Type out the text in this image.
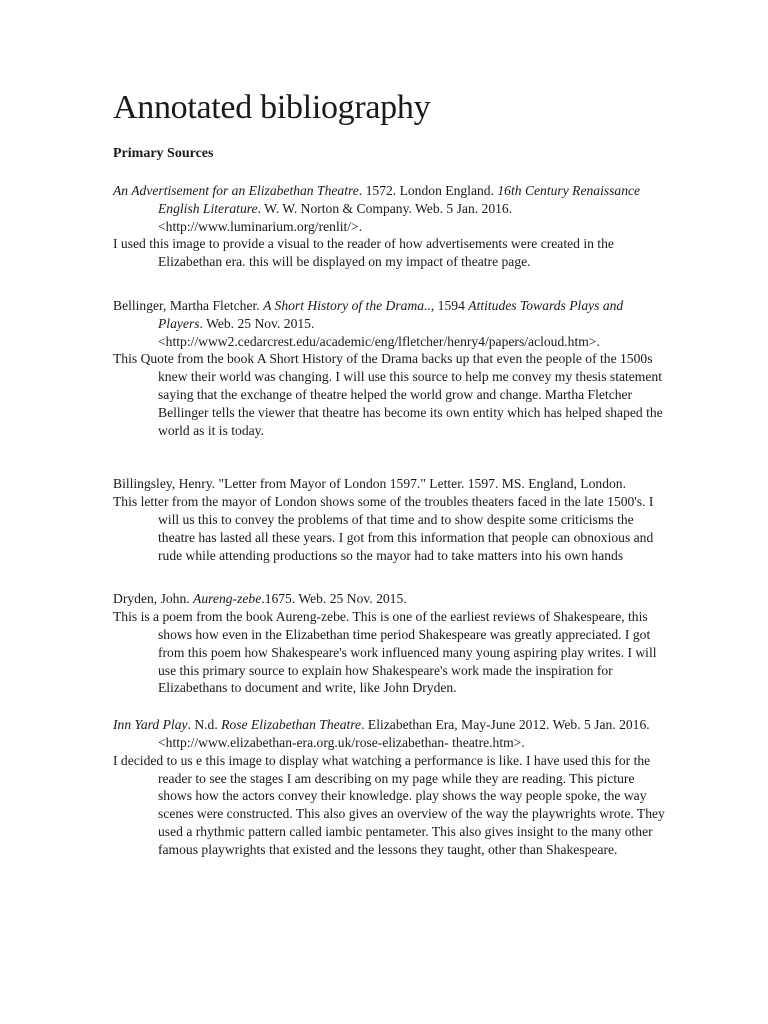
Annotated bibliography
Primary Sources

An Advertisement for an Elizabethan Theatre. 1572. London England. 16th Century Renaissance English Literature. W. W. Norton & Company. Web. 5 Jan. 2016. <http://www.luminarium.org/renlit/>.

I used this image to provide a visual to the reader of how advertisements were created in the Elizabethan era. this will be displayed on my impact of theatre page.

Bellinger, Martha Fletcher. A Short History of the Drama.., 1594 Attitudes Towards Plays and Players. Web. 25 Nov. 2015. <http://www2.cedarcrest.edu/academic/eng/lfletcher/henry4/papers/acloud.htm>.

This Quote from the book A Short History of the Drama backs up that even the people of the 1500s knew their world was changing. I will use this source to help me convey my thesis statement saying that the exchange of theatre helped the world grow and change. Martha Fletcher Bellinger tells the viewer that theatre has become its own entity which has helped shaped the world as it is today.

Billingsley, Henry. "Letter from Mayor of London 1597." Letter. 1597. MS. England, London.

This letter from the mayor of London shows some of the troubles theaters faced in the late 1500's. I will us this to convey the problems of that time and to show despite some criticisms the theatre has lasted all these years. I got from this information that people can obnoxious and rude while attending productions so the mayor had to take matters into his own hands

Dryden, John. Aureng-zebe.1675. Web. 25 Nov. 2015.

This is a poem from the book Aureng-zebe. This is one of the earliest reviews of Shakespeare, this shows how even in the Elizabethan time period Shakespeare was greatly appreciated. I got from this poem how Shakespeare's work influenced many young aspiring play writes. I will use this primary source to explain how Shakespeare's work made the inspiration for Elizabethans to document and write, like John Dryden.

Inn Yard Play. N.d. Rose Elizabethan Theatre. Elizabethan Era, May-June 2012. Web. 5 Jan. 2016. <http://www.elizabethan-era.org.uk/rose-elizabethan- theatre.htm>.

I decided to us e this image to display what watching a performance is like. I have used this for the reader to see the stages I am describing on my page while they are reading. This picture shows how the actors convey their knowledge. play shows the way people spoke, the way scenes were constructed. This also gives an overview of the way the playwrights wrote. They used a rhythmic pattern called iambic pentameter. This also gives insight to the many other famous playwrights that existed and the lessons they taught, other than Shakespeare.
